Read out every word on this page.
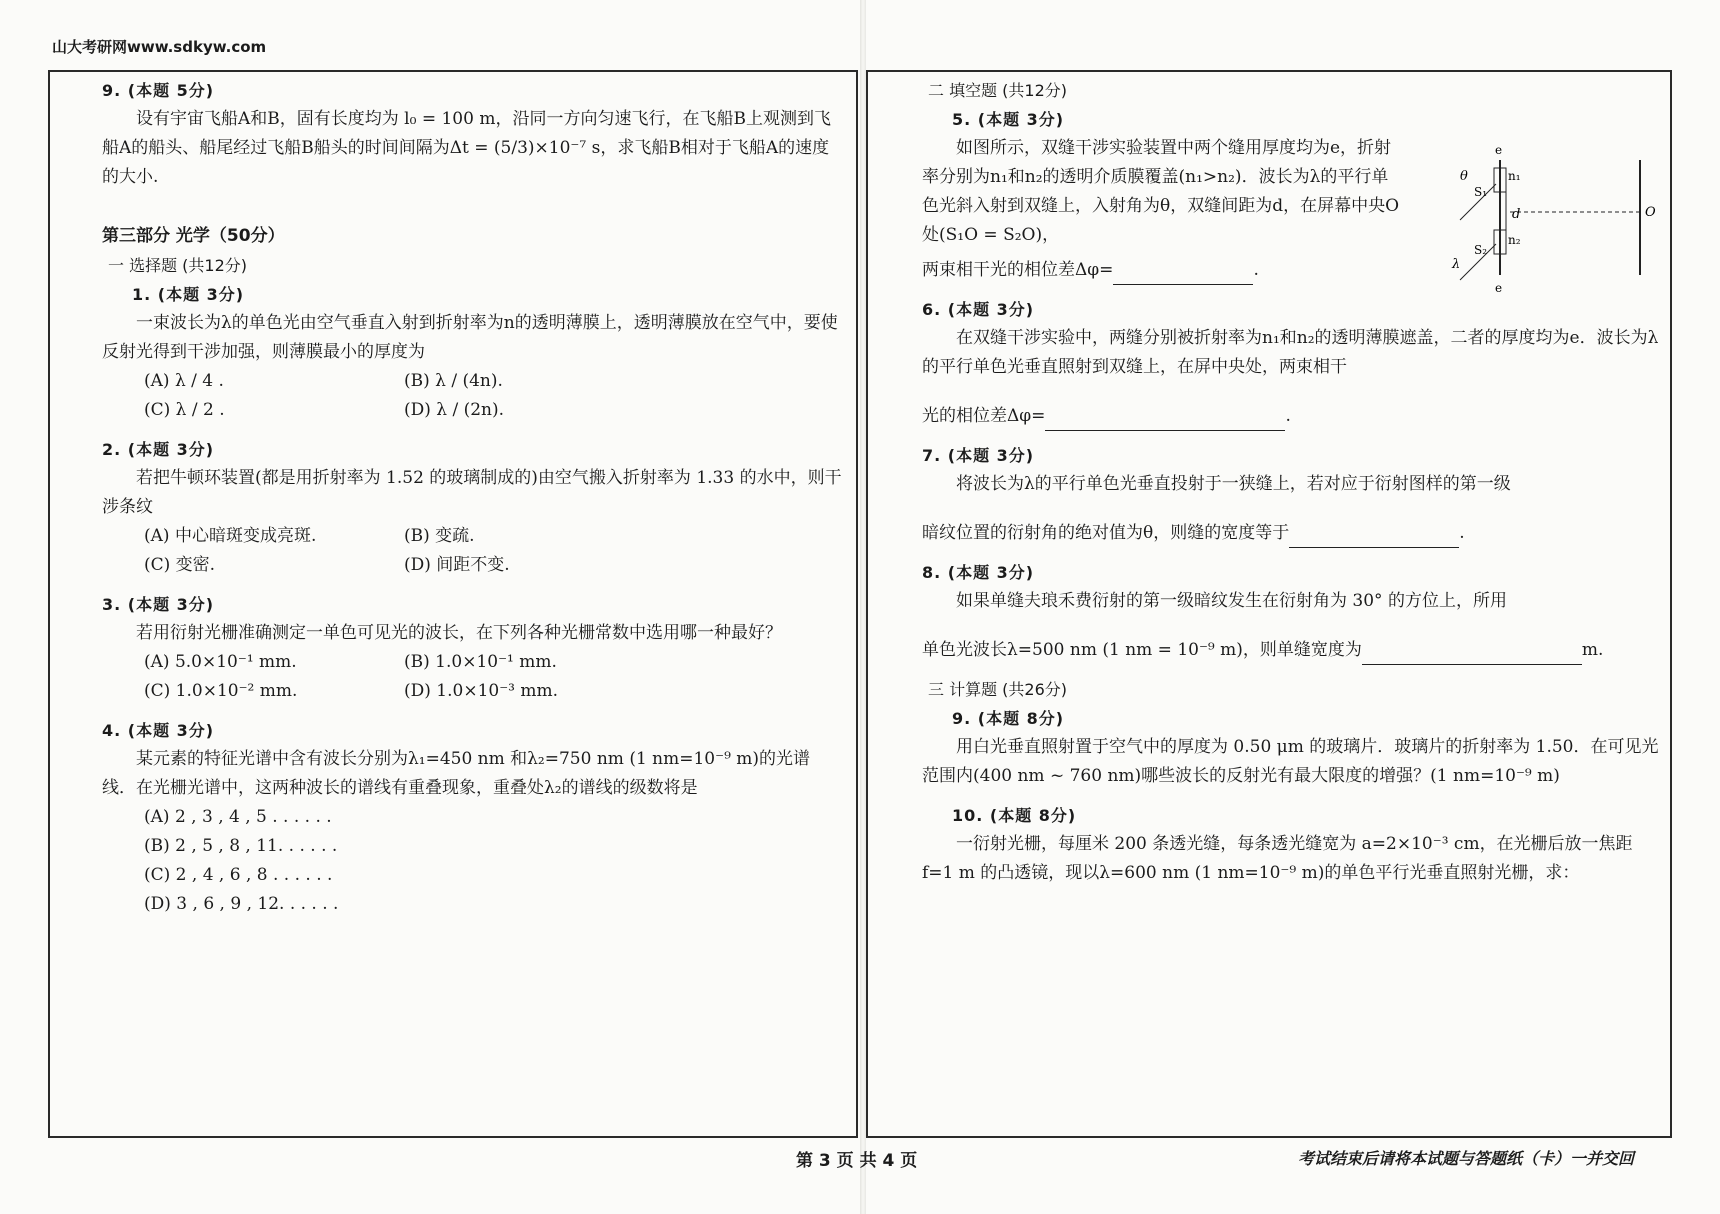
山大考研网www.sdkyw.com
9. (本题 5分)
设有宇宙飞船A和B，固有长度均为 l₀ = 100 m，沿同一方向匀速飞行，在飞船B上观测到飞船A的船头、船尾经过飞船B船头的时间间隔为Δt = (5/3)×10⁻⁷ s，求飞船B相对于飞船A的速度的大小.
第三部分 光学（50分）
一 选择题 (共12分)
1. (本题 3分)
一束波长为λ的单色光由空气垂直入射到折射率为n的透明薄膜上，透明薄膜放在空气中，要使反射光得到干涉加强，则薄膜最小的厚度为
(A) λ / 4 .	(B) λ / (4n).
(C) λ / 2 .	(D) λ / (2n).
2. (本题 3分)
若把牛顿环装置(都是用折射率为 1.52 的玻璃制成的)由空气搬入折射率为 1.33 的水中，则干涉条纹
(A) 中心暗斑变成亮斑.	(B) 变疏.
(C) 变密.	(D) 间距不变.
3. (本题 3分)
若用衍射光栅准确测定一单色可见光的波长，在下列各种光栅常数中选用哪一种最好？
(A) 5.0×10⁻¹ mm.	(B) 1.0×10⁻¹ mm.
(C) 1.0×10⁻² mm.	(D) 1.0×10⁻³ mm.
4. (本题 3分)
某元素的特征光谱中含有波长分别为λ₁=450 nm 和λ₂=750 nm (1 nm=10⁻⁹ m)的光谱线．在光栅光谱中，这两种波长的谱线有重叠现象，重叠处λ₂的谱线的级数将是
(A) 2 , 3 , 4 , 5 . . . . . .
(B) 2 , 5 , 8 , 11. . . . . .
(C) 2 , 4 , 6 , 8 . . . . . .
(D) 3 , 6 , 9 , 12. . . . . .
二 填空题 (共12分)
5. (本题 3分)
如图所示，双缝干涉实验装置中两个缝用厚度均为e，折射率分别为n₁和n₂的透明介质膜覆盖(n₁>n₂)．波长为λ的平行单色光斜入射到双缝上，入射角为θ，双缝间距为d，在屏幕中央O处(S₁O = S₂O)，
两束相干光的相位差Δφ=	.
6. (本题 3分)
在双缝干涉实验中，两缝分别被折射率为n₁和n₂的透明薄膜遮盖，二者的厚度均为e．波长为λ的平行单色光垂直照射到双缝上，在屏中央处，两束相干
光的相位差Δφ=	.
7. (本题 3分)
将波长为λ的平行单色光垂直投射于一狭缝上，若对应于衍射图样的第一级
暗纹位置的衍射角的绝对值为θ，则缝的宽度等于	.
8. (本题 3分)
如果单缝夫琅禾费衍射的第一级暗纹发生在衍射角为 30° 的方位上，所用
单色光波长λ=500 nm (1 nm = 10⁻⁹ m)，则单缝宽度为	m.
三 计算题 (共26分)
9. (本题 8分)
用白光垂直照射置于空气中的厚度为 0.50 μm 的玻璃片．玻璃片的折射率为 1.50．在可见光范围内(400 nm ~ 760 nm)哪些波长的反射光有最大限度的增强？(1 nm=10⁻⁹ m)
10. (本题 8分)
一衍射光栅，每厘米 200 条透光缝，每条透光缝宽为 a=2×10⁻³ cm，在光栅后放一焦距 f=1 m 的凸透镜，现以λ=600 nm (1 nm=10⁻⁹ m)的单色平行光垂直照射光栅，求：
e
θ
S₁
n₁
d
n₂
S₂
λ
e
O
第 3 页 共 4 页	考试结束后请将本试题与答题纸（卡）一并交回
